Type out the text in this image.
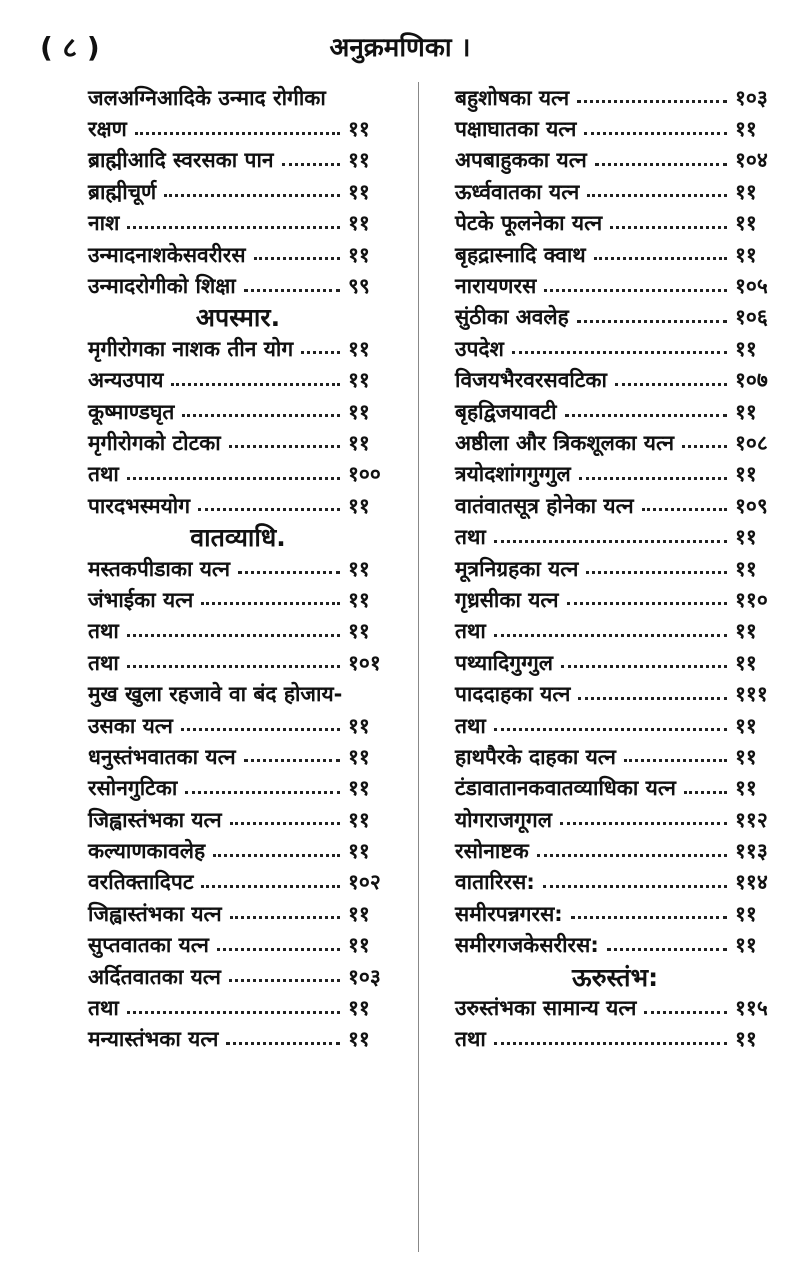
( ८ )	अनुक्रमणिका ।
जलअग्निआदिके उन्माद रोगीका
रक्षण	११
ब्राह्मीआदि स्वरसका पान	११
ब्राह्मीचूर्ण	११
नाश	११
उन्मादनाशकेसवरीरस	११
उन्मादरोगीको शिक्षा	९९
अपस्मार.
मृगीरोगका नाशक तीन योग	११
अन्यउपाय	११
कूष्माण्डघृत	११
मृगीरोगको टोटका	११
तथा	१००
पारदभस्मयोग	११
वातव्याधि.
मस्तकपीडाका यत्न	११
जंभाईका यत्न	११
तथा	११
तथा	१०१
मुख खुला रहजावे वा बंद होजाय-
उसका यत्न	११
धनुस्तंभवातका यत्न	११
रसोनगुटिका	११
जिह्वास्तंभका यत्न	११
कल्याणकावलेह	११
वरतिक्तादिपट	१०२
जिह्वास्तंभका यत्न	११
सुप्तवातका यत्न	११
अर्दितवातका यत्न	१०३
तथा	११
मन्यास्तंभका यत्न	११
बहुशोषका यत्न	१०३
पक्षाघातका यत्न	११
अपबाहुकका यत्न	१०४
ऊर्ध्ववातका यत्न	११
पेटके फूलनेका यत्न	११
बृहद्रास्नादि क्वाथ	११
नारायणरस	१०५
सुंठीका अवलेह	१०६
उपदेश	११
विजयभैरवरसवटिका	१०७
बृहद्विजयावटी	११
अष्ठीला और त्रिकशूलका यत्न	१०८
त्रयोदशांगगुग्गुल	११
वातंवातसूत्र होनेका यत्न	१०९
तथा	११
मूत्रनिग्रहका यत्न	११
गृध्रसीका यत्न	११०
तथा	११
पथ्यादिगुग्गुल	११
पाददाहका यत्न	१११
तथा	११
हाथपैरके दाहका यत्न	११
टंडावातानकवातव्याधिका यत्न	११
योगराजगूगल	११२
रसोनाष्टक	११३
वातारिरस:	११४
समीरपन्नगरस:	११
समीरगजकेसरीरस:	११
ऊरुस्तंभ:
उरुस्तंभका सामान्य यत्न	११५
तथा	११
